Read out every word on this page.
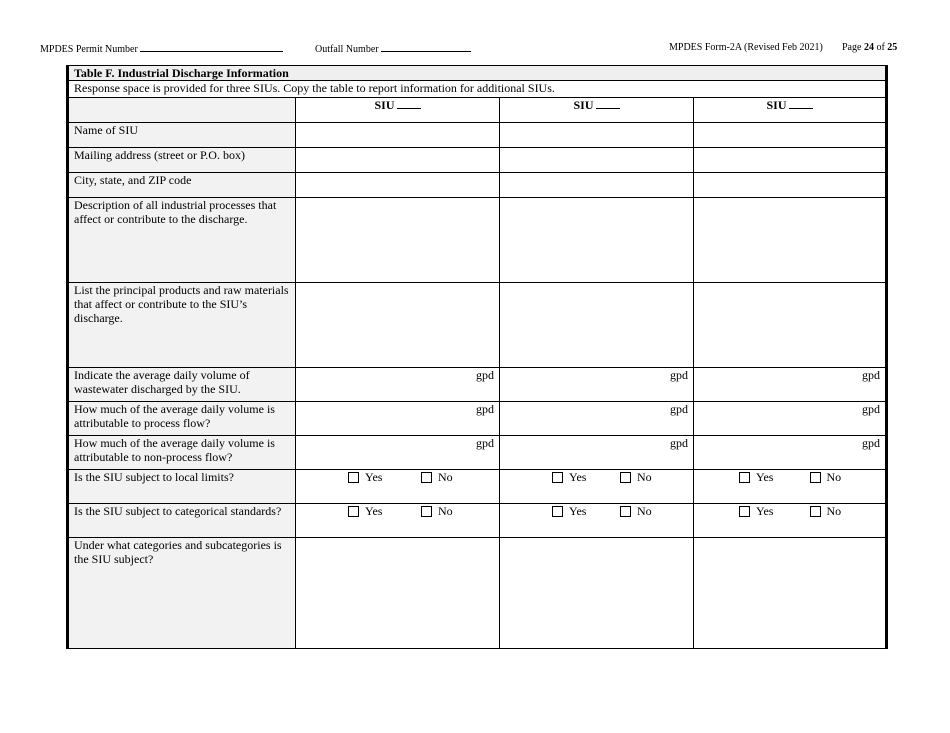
MPDES Permit Number	Outfall Number	MPDES Form-2A (Revised Feb 2021) Page 24 of 25
Table F. Industrial Discharge Information			
Response space is provided for three SIUs. Copy the table to report information for additional SIUs.			
	SIU	SIU	SIU
Name of SIU			
Mailing address (street or P.O. box)			
City, state, and ZIP code			
Description of all industrial processes that affect or contribute to the discharge.			
List the principal products and raw materials that affect or contribute to the SIU’s discharge.			
Indicate the average daily volume of wastewater discharged by the SIU.	gpd	gpd	gpd
How much of the average daily volume is attributable to process flow?	gpd	gpd	gpd
How much of the average daily volume is attributable to non-process flow?	gpd	gpd	gpd
Is the SIU subject to local limits?	Yes No	Yes No	Yes No

Is the SIU subject to categorical standards?	Yes No	Yes No	Yes No

Under what categories and subcategories is the SIU subject?			
